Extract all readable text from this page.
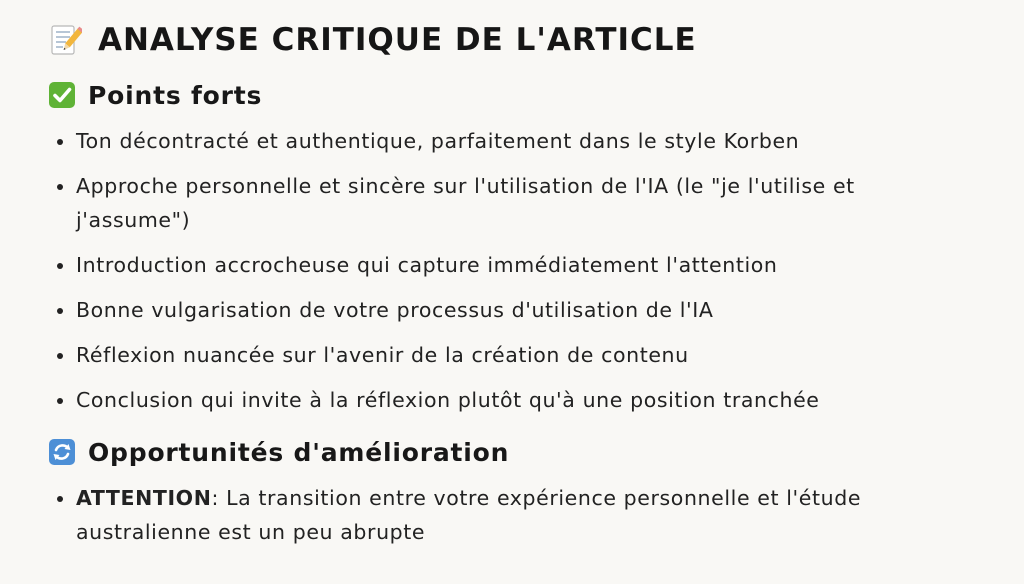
ANALYSE CRITIQUE DE L'ARTICLE
Points forts
Ton décontracté et authentique, parfaitement dans le style Korben
Approche personnelle et sincère sur l'utilisation de l'IA (le "je l'utilise et j'assume")
Introduction accrocheuse qui capture immédiatement l'attention
Bonne vulgarisation de votre processus d'utilisation de l'IA
Réflexion nuancée sur l'avenir de la création de contenu
Conclusion qui invite à la réflexion plutôt qu'à une position tranchée
Opportunités d'amélioration
ATTENTION: La transition entre votre expérience personnelle et l'étude australienne est un peu abrupte
